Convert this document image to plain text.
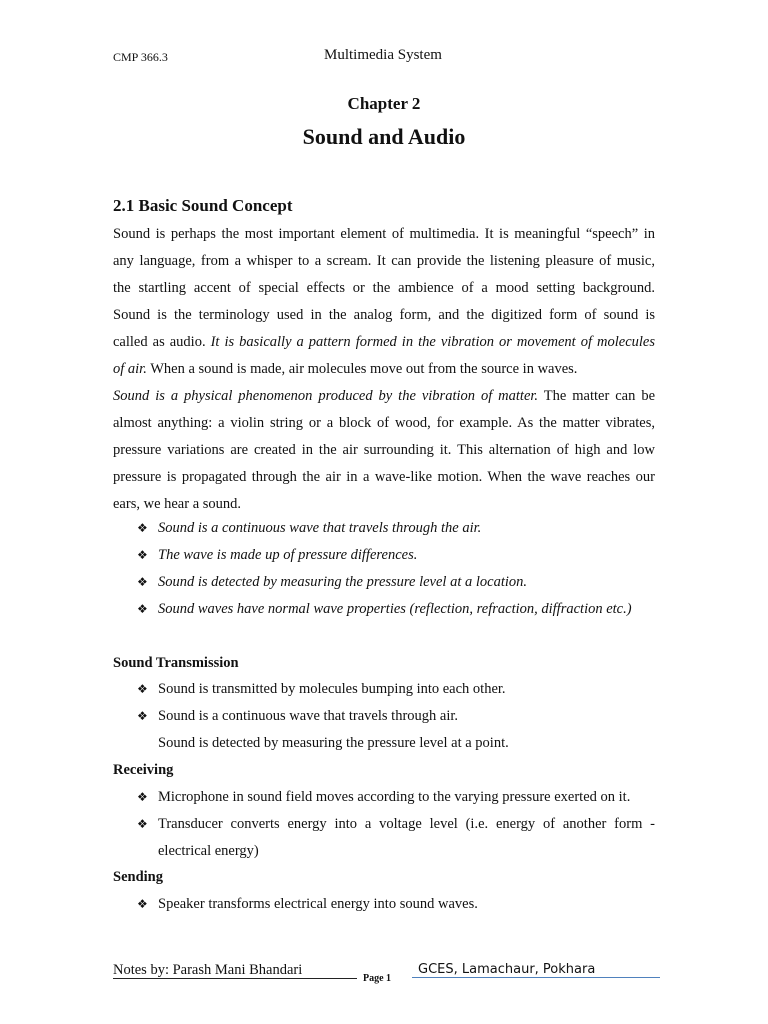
CMP 366.3	Multimedia System
Chapter 2
Sound and Audio
2.1 Basic Sound Concept
Sound is perhaps the most important element of multimedia. It is meaningful “speech” in
any language, from a whisper to a scream. It can provide the listening pleasure of music,
the startling accent of special effects or the ambience of a mood setting background.
Sound is the terminology used in the analog form, and the digitized form of sound is
called as audio. It is basically a pattern formed in the vibration or movement of molecules
of air. When a sound is made, air molecules move out from the source in waves.
Sound is a physical phenomenon produced by the vibration of matter. The matter can be
almost anything: a violin string or a block of wood, for example. As the matter vibrates,
pressure variations are created in the air surrounding it. This alternation of high and low
pressure is propagated through the air in a wave-like motion. When the wave reaches our
ears, we hear a sound.
❖ Sound is a continuous wave that travels through the air.
❖ The wave is made up of pressure differences.
❖ Sound is detected by measuring the pressure level at a location.
❖ Sound waves have normal wave properties (reflection, refraction, diffraction etc.)
Sound Transmission
❖ Sound is transmitted by molecules bumping into each other.
❖ Sound is a continuous wave that travels through air.
Sound is detected by measuring the pressure level at a point.
Receiving
❖ Microphone in sound field moves according to the varying pressure exerted on it.
❖ Transducer converts energy into a voltage level (i.e. energy of another form -
electrical energy)
Sending
❖ Speaker transforms electrical energy into sound waves.
Notes by: Parash Mani Bhandari
Page 1
GCES, Lamachaur, Pokhara
